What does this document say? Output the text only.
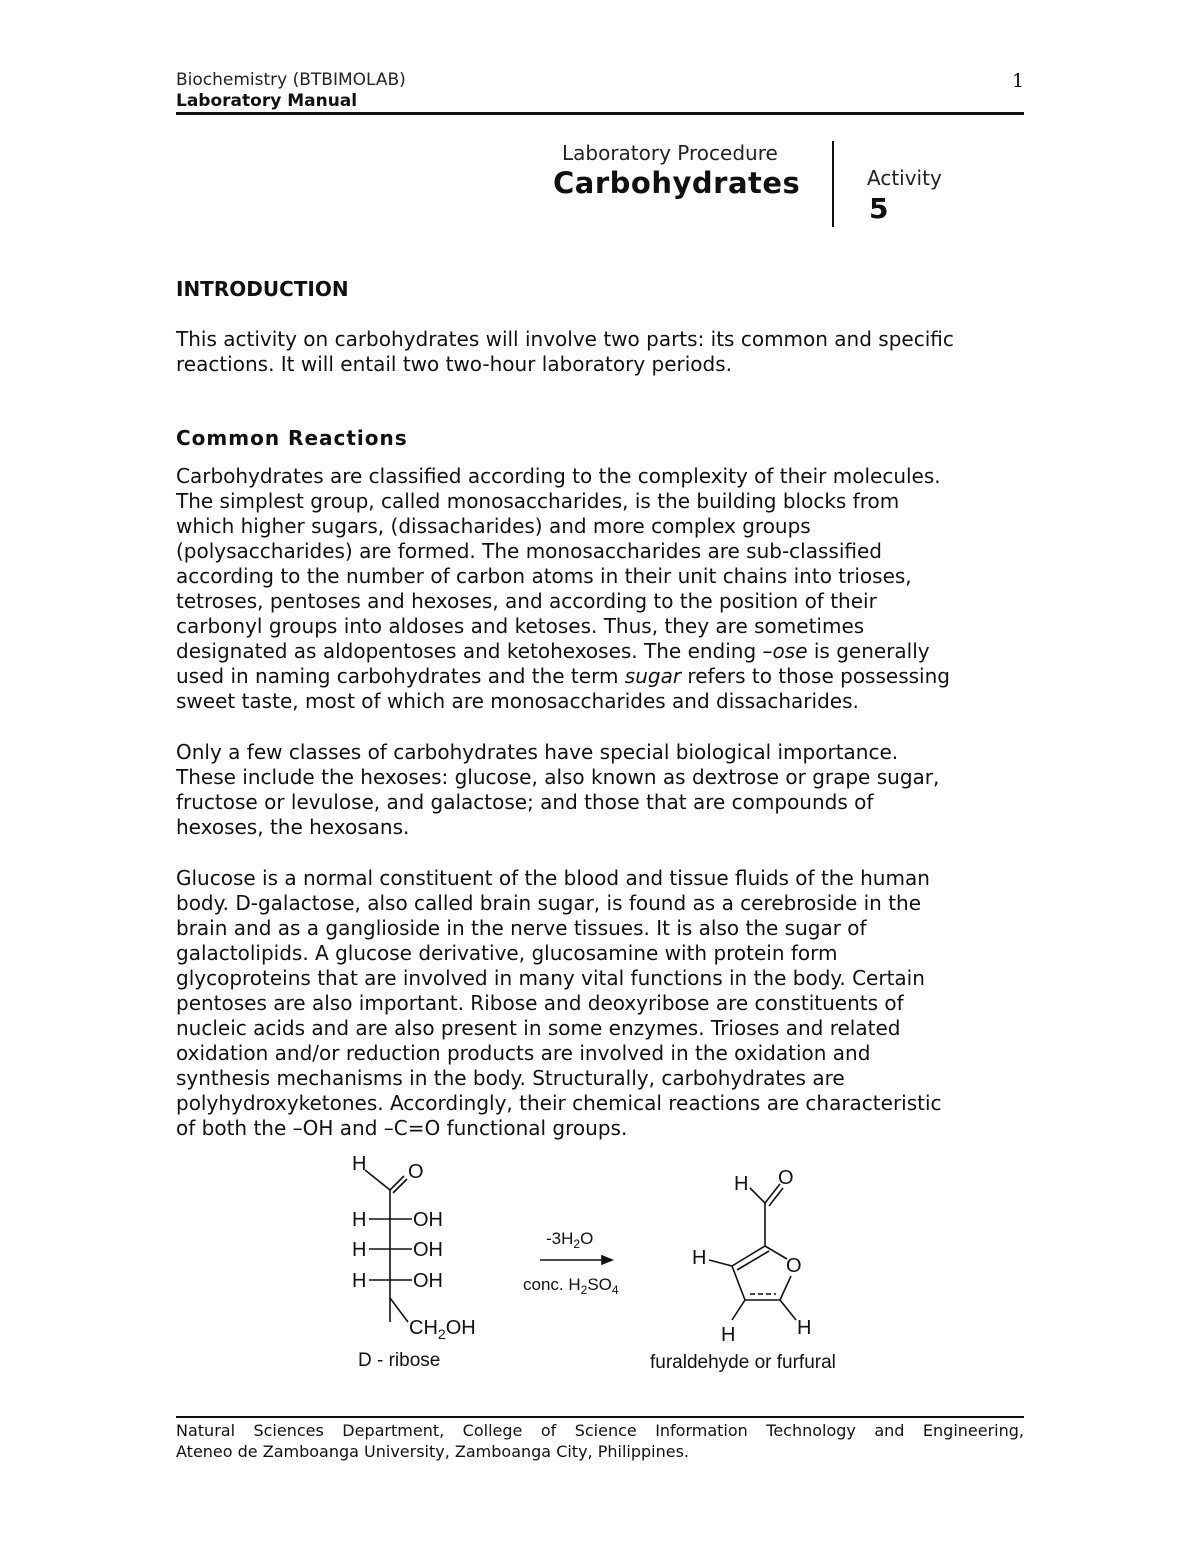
Biochemistry (BTBIMOLAB)
Laboratory Manual
1
Laboratory Procedure
Carbohydrates	Activity
5
INTRODUCTION
This activity on carbohydrates will involve two parts: its common and specific
reactions. It will entail two two-hour laboratory periods.
Common Reactions
Carbohydrates are classified according to the complexity of their molecules.
The simplest group, called monosaccharides, is the building blocks from
which higher sugars, (dissacharides) and more complex groups
(polysaccharides) are formed. The monosaccharides are sub-classified
according to the number of carbon atoms in their unit chains into trioses,
tetroses, pentoses and hexoses, and according to the position of their
carbonyl groups into aldoses and ketoses. Thus, they are sometimes
designated as aldopentoses and ketohexoses. The ending –ose is generally
used in naming carbohydrates and the term sugar refers to those possessing
sweet taste, most of which are monosaccharides and dissacharides.
Only a few classes of carbohydrates have special biological importance.
These include the hexoses: glucose, also known as dextrose or grape sugar,
fructose or levulose, and galactose; and those that are compounds of
hexoses, the hexosans.
Glucose is a normal constituent of the blood and tissue fluids of the human
body. D-galactose, also called brain sugar, is found as a cerebroside in the
brain and as a ganglioside in the nerve tissues. It is also the sugar of
galactolipids. A glucose derivative, glucosamine with protein form
glycoproteins that are involved in many vital functions in the body. Certain
pentoses are also important. Ribose and deoxyribose are constituents of
nucleic acids and are also present in some enzymes. Trioses and related
oxidation and/or reduction products are involved in the oxidation and
synthesis mechanisms in the body. Structurally, carbohydrates are
polyhydroxyketones. Accordingly, their chemical reactions are characteristic
of both the –OH and –C=O functional groups.
H O
H OH
H OH
H OH
$CH_2OH$
D - ribose
$-3H_2O$
conc. $H_2SO_4$
H O
H	O
H	H
furaldehyde or furfural
Natural Sciences Department, College of Science Information Technology and Engineering,
Ateneo de Zamboanga University, Zamboanga City, Philippines.
